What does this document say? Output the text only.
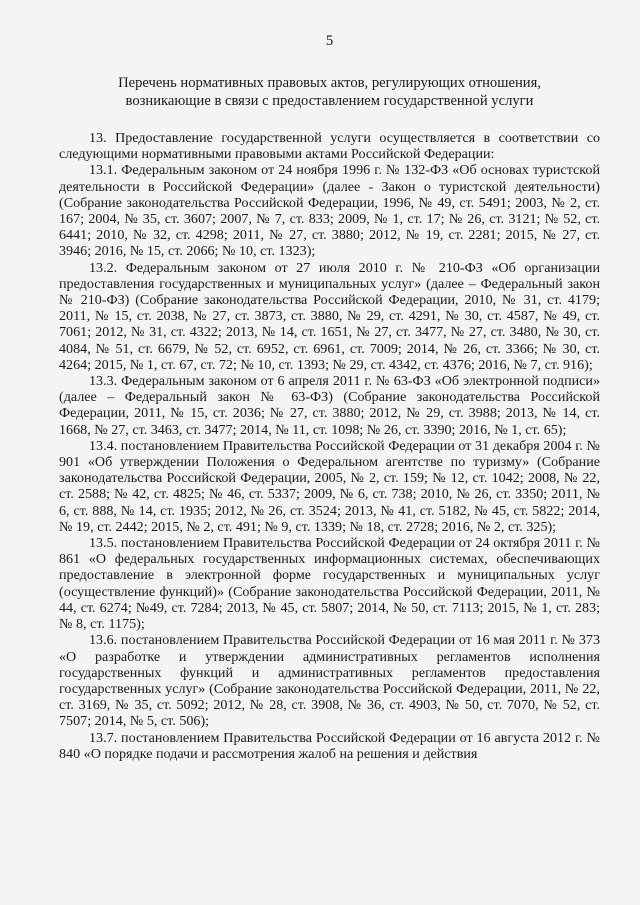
5
Перечень нормативных правовых актов, регулирующих отношения,
возникающие в связи с предоставлением государственной услуги

13. Предоставление государственной услуги осуществляется в соответствии со следующими нормативными правовыми актами Российской Федерации:

13.1. Федеральным законом от 24 ноября 1996 г. № 132-ФЗ «Об основах туристской деятельности в Российской Федерации» (далее - Закон о туристской деятельности) (Собрание законодательства Российской Федерации, 1996, № 49, ст. 5491; 2003, № 2, ст. 167; 2004, № 35, ст. 3607; 2007, № 7, ст. 833; 2009, № 1, ст. 17; № 26, ст. 3121; № 52, ст. 6441; 2010, № 32, ст. 4298; 2011, № 27, ст. 3880; 2012, № 19, ст. 2281; 2015, № 27, ст. 3946; 2016, № 15, ст. 2066; № 10, ст. 1323);

13.2. Федеральным законом от 27 июля 2010 г. № 210-ФЗ «Об организации предоставления государственных и муниципальных услуг» (далее – Федеральный закон № 210-ФЗ) (Собрание законодательства Российской Федерации, 2010, № 31, ст. 4179; 2011, № 15, ст. 2038, № 27, ст. 3873, ст. 3880, № 29, ст. 4291, № 30, ст. 4587, № 49, ст. 7061; 2012, № 31, ст. 4322; 2013, № 14, ст. 1651, № 27, ст. 3477, № 27, ст. 3480, № 30, ст. 4084, № 51, ст. 6679, № 52, ст. 6952, ст. 6961, ст. 7009; 2014, № 26, ст. 3366; № 30, ст. 4264; 2015, № 1, ст. 67, ст. 72; № 10, ст. 1393; № 29, ст. 4342, ст. 4376; 2016, № 7, ст. 916);

13.3. Федеральным законом от 6 апреля 2011 г. № 63-ФЗ «Об электронной подписи» (далее – Федеральный закон № 63-ФЗ) (Собрание законодательства Российской Федерации, 2011, № 15, ст. 2036; № 27, ст. 3880; 2012, № 29, ст. 3988; 2013, № 14, ст. 1668, № 27, ст. 3463, ст. 3477; 2014, № 11, ст. 1098; № 26, ст. 3390; 2016, № 1, ст. 65);

13.4. постановлением Правительства Российской Федерации от 31 декабря 2004 г. № 901 «Об утверждении Положения о Федеральном агентстве по туризму» (Собрание законодательства Российской Федерации, 2005, № 2, ст. 159; № 12, ст. 1042; 2008, № 22, ст. 2588; № 42, ст. 4825; № 46, ст. 5337; 2009, № 6, ст. 738; 2010, № 26, ст. 3350; 2011, № 6, ст. 888, № 14, ст. 1935; 2012, № 26, ст. 3524; 2013, № 41, ст. 5182, № 45, ст. 5822; 2014, № 19, ст. 2442; 2015, № 2, ст. 491; № 9, ст. 1339; № 18, ст. 2728; 2016, № 2, ст. 325);

13.5. постановлением Правительства Российской Федерации от 24 октября 2011 г. № 861 «О федеральных государственных информационных системах, обеспечивающих предоставление в электронной форме государственных и муниципальных услуг (осуществление функций)» (Собрание законодательства Российской Федерации, 2011, № 44, ст. 6274; №49, ст. 7284; 2013, № 45, ст. 5807; 2014, № 50, ст. 7113; 2015, № 1, ст. 283; № 8, ст. 1175);

13.6. постановлением Правительства Российской Федерации от 16 мая 2011 г. № 373 «О разработке и утверждении административных регламентов исполнения государственных функций и административных регламентов предоставления государственных услуг» (Собрание законодательства Российской Федерации, 2011, № 22, ст. 3169, № 35, ст. 5092; 2012, № 28, ст. 3908, № 36, ст. 4903, № 50, ст. 7070, № 52, ст. 7507; 2014, № 5, ст. 506);

13.7. постановлением Правительства Российской Федерации от 16 августа 2012 г. № 840 «О порядке подачи и рассмотрения жалоб на решения и действия
